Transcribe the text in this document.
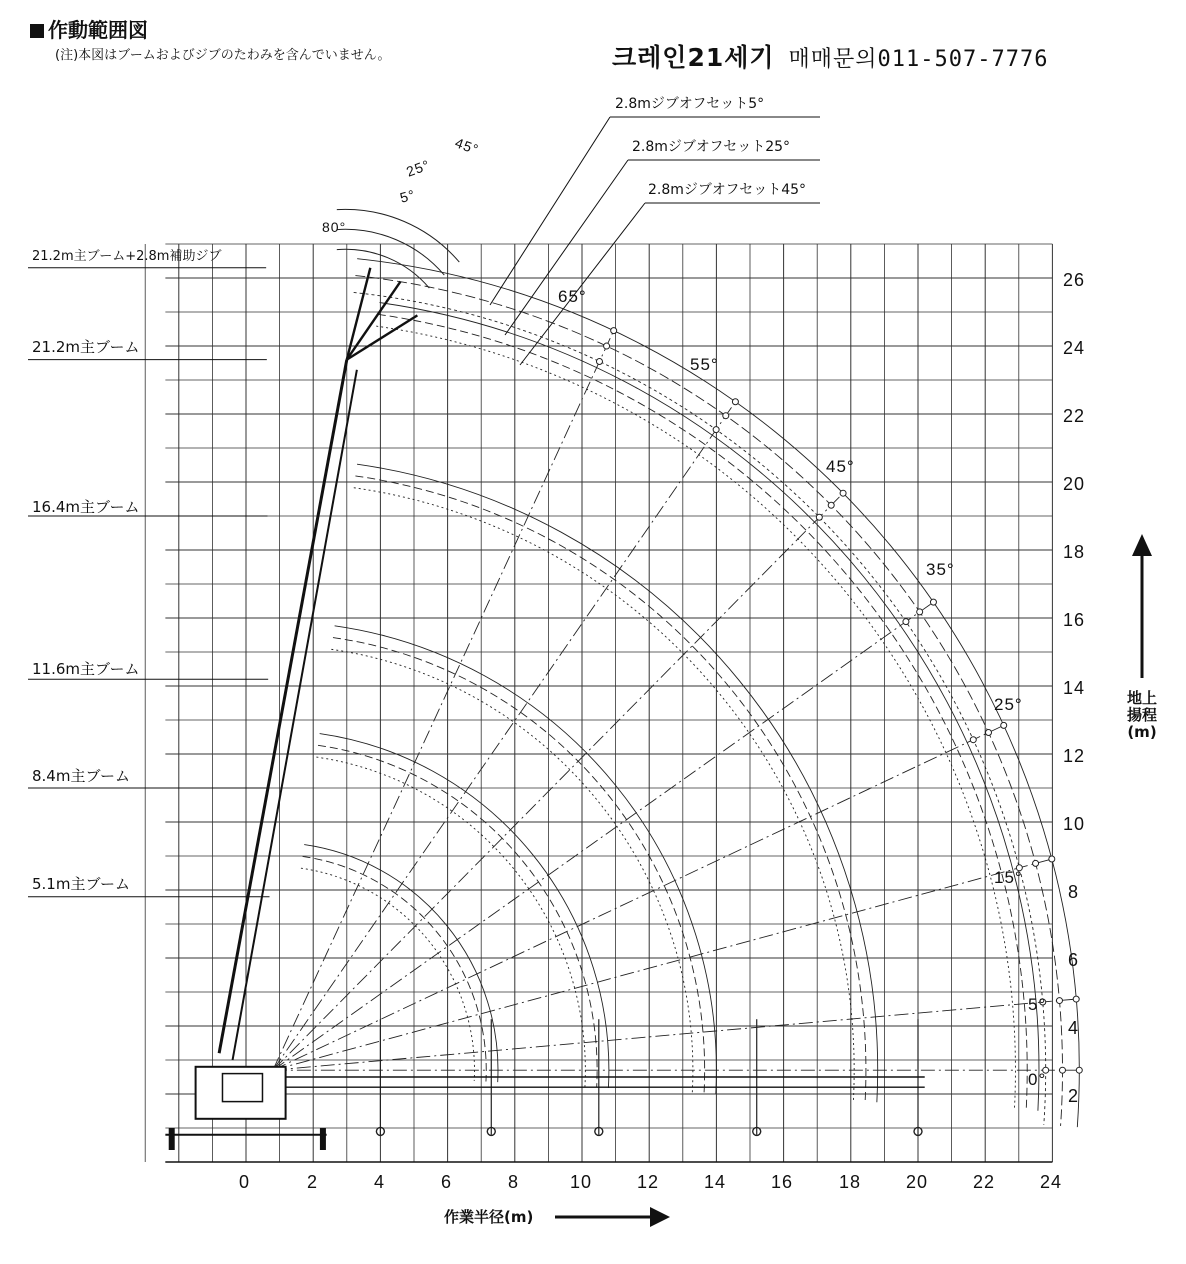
作動範囲図
(注)本図はブームおよびジブのたわみを含んでいません。	크레인21세기 매매문의011-507-7776
21.2m主ブーム+2.8m補助ジブ
21.2m主ブーム
16.4m主ブーム
11.6m主ブーム
8.4m主ブーム
5.1m主ブーム
2.8mジブオフセット5°
2.8mジブオフセット25°
2.8mジブオフセット45°
80°
5°
25°
45°
65°
55°
45°
35°
25°
15°
5°
0°
2
4
6
8
10
12
14
16
18
20
22
24
26
0	2	4	6	8	10 12 14 16	18 20 22 24
作業半径(m)
地上揚程(m)
